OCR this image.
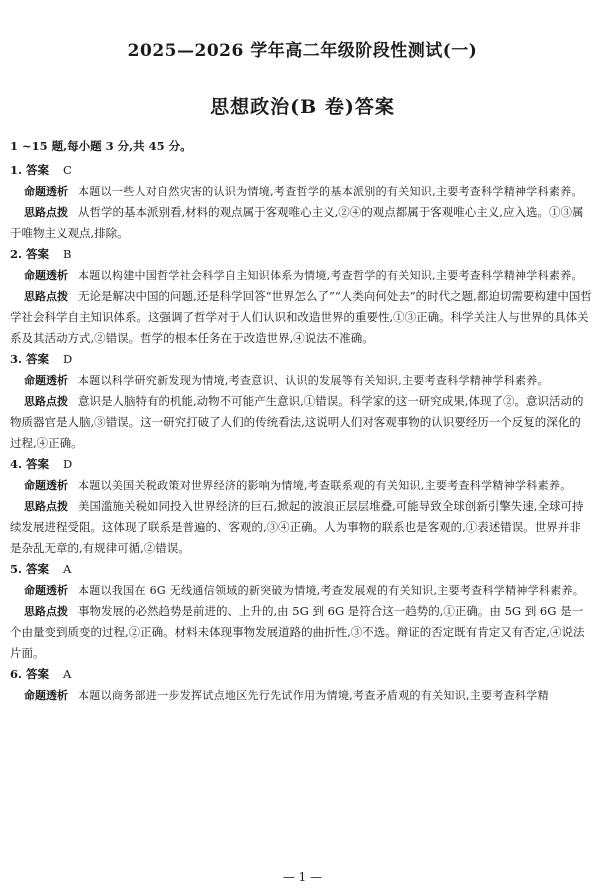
2025—2026 学年高二年级阶段性测试(一)
思想政治(B 卷)答案
1 ~15 题,每小题 3 分,共 45 分。
1. 答案 C
命题透析 本题以一些人对自然灾害的认识为情境,考查哲学的基本派别的有关知识,主要考查科学精神学科素养。
思路点拨 从哲学的基本派别看,材料的观点属于客观唯心主义,②④的观点都属于客观唯心主义,应入选。①③属于唯物主义观点,排除。
2. 答案 B
命题透析 本题以构建中国哲学社会科学自主知识体系为情境,考查哲学的有关知识,主要考查科学精神学科素养。
思路点拨 无论是解决中国的问题,还是科学回答“世界怎么了”“人类向何处去”的时代之题,都迫切需要构建中国哲学社会科学自主知识体系。这强调了哲学对于人们认识和改造世界的重要性,①③正确。科学关注人与世界的具体关系及其活动方式,②错误。哲学的根本任务在于改造世界,④说法不准确。
3. 答案 D
命题透析 本题以科学研究新发现为情境,考查意识、认识的发展等有关知识,主要考查科学精神学科素养。
思路点拨 意识是人脑特有的机能,动物不可能产生意识,①错误。科学家的这一研究成果,体现了②。意识活动的物质器官是人脑,③错误。这一研究打破了人们的传统看法,这说明人们对客观事物的认识要经历一个反复的深化的过程,④正确。
4. 答案 D
命题透析 本题以美国关税政策对世界经济的影响为情境,考查联系观的有关知识,主要考查科学精神学科素养。
思路点拨 美国滥施关税如同投入世界经济的巨石,掀起的波浪正层层堆叠,可能导致全球创新引擎失速,全球可持续发展进程受阻。这体现了联系是普遍的、客观的,③④正确。人为事物的联系也是客观的,①表述错误。世界并非是杂乱无章的,有规律可循,②错误。
5. 答案 A
命题透析 本题以我国在 6G 无线通信领域的新突破为情境,考查发展观的有关知识,主要考查科学精神学科素养。
思路点拨 事物发展的必然趋势是前进的、上升的,由 5G 到 6G 是符合这一趋势的,①正确。由 5G 到 6G 是一个由量变到质变的过程,②正确。材料未体现事物发展道路的曲折性,③不选。辩证的否定既有肯定又有否定,④说法片面。
6. 答案 A
命题透析 本题以商务部进一步发挥试点地区先行先试作用为情境,考查矛盾观的有关知识,主要考查科学精
— 1 —
